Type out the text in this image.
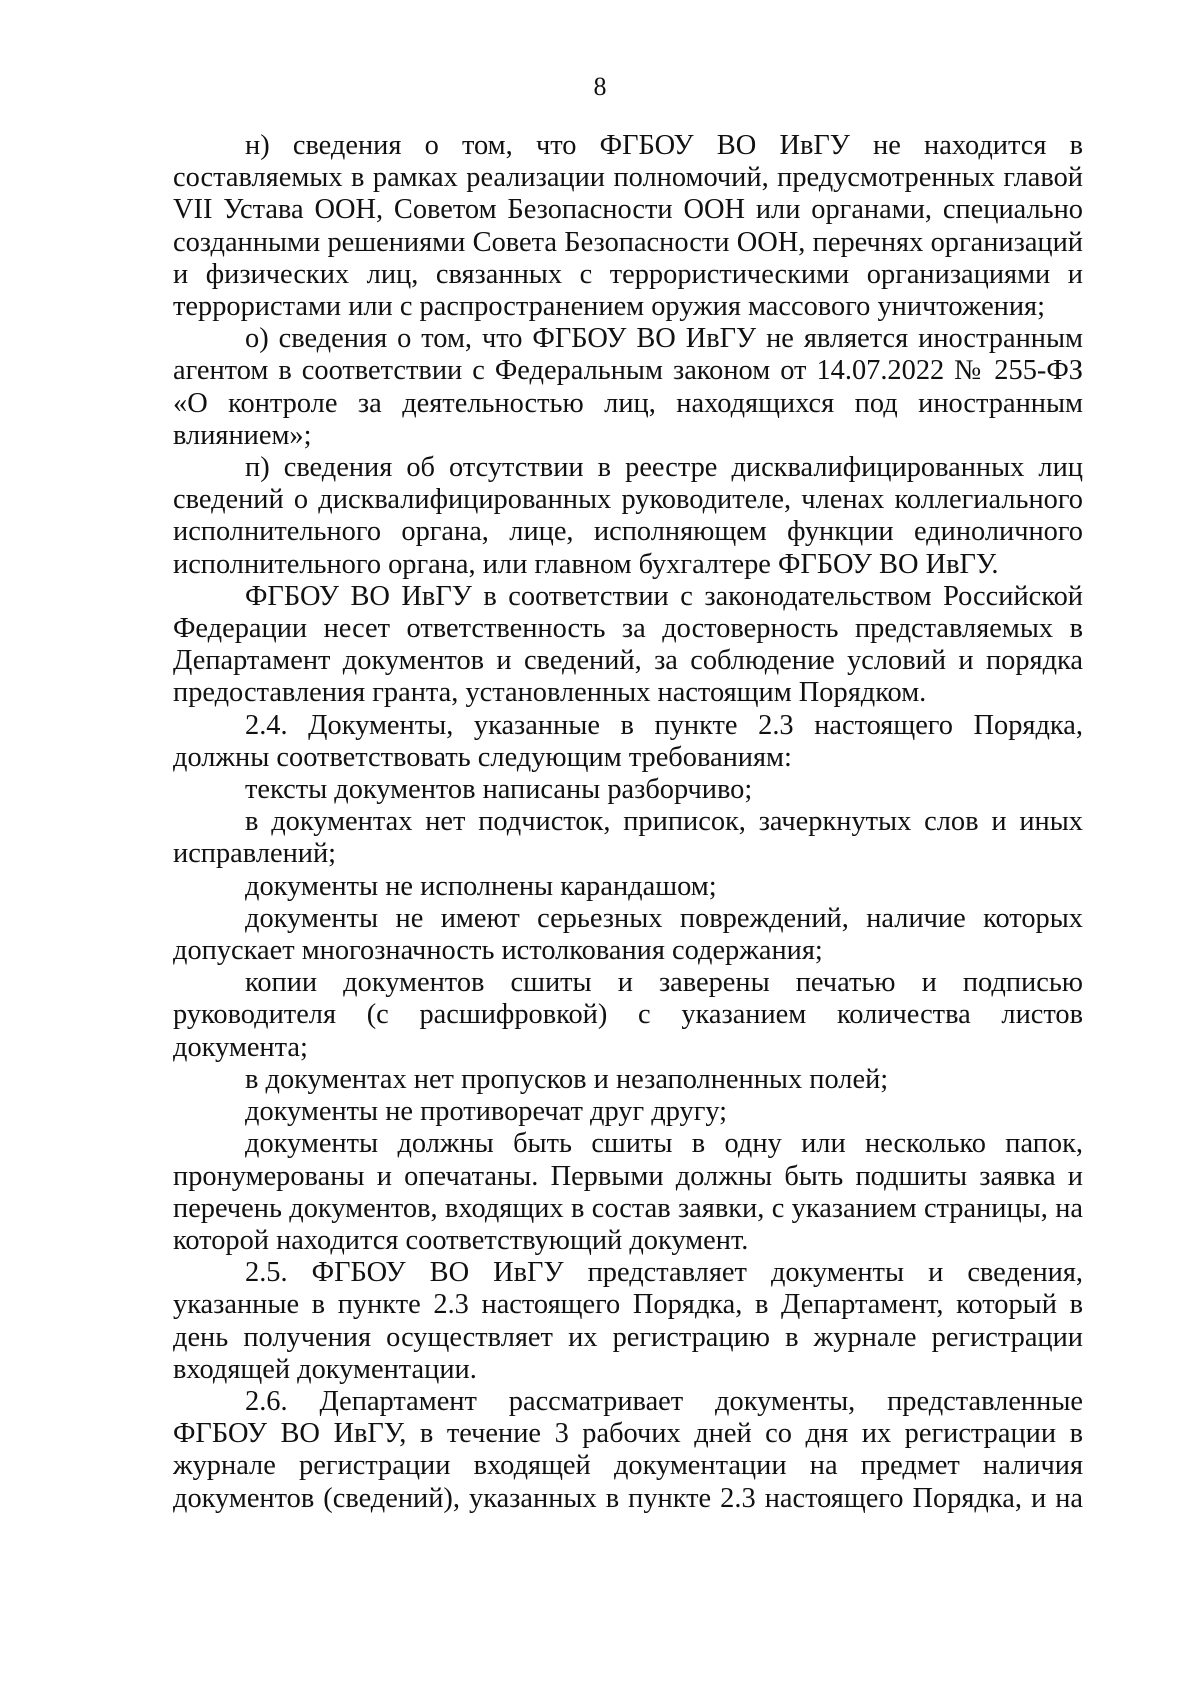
8

н) сведения о том, что ФГБОУ ВО ИвГУ не находится в составляемых в рамках реализации полномочий, предусмотренных главой VII Устава ООН, Советом Безопасности ООН или органами, специально созданными решениями Совета Безопасности ООН, перечнях организаций и физических лиц, связанных с террористическими организациями и террористами или с распространением оружия массового уничтожения;

о) сведения о том, что ФГБОУ ВО ИвГУ не является иностранным агентом в соответствии с Федеральным законом от 14.07.2022 № 255-ФЗ «О контроле за деятельностью лиц, находящихся под иностранным влиянием»;

п) сведения об отсутствии в реестре дисквалифицированных лиц сведений о дисквалифицированных руководителе, членах коллегиального исполнительного органа, лице, исполняющем функции единоличного исполнительного органа, или главном бухгалтере ФГБОУ ВО ИвГУ.

ФГБОУ ВО ИвГУ в соответствии с законодательством Российской Федерации несет ответственность за достоверность представляемых в Департамент документов и сведений, за соблюдение условий и порядка предоставления гранта, установленных настоящим Порядком.

2.4. Документы, указанные в пункте 2.3 настоящего Порядка, должны соответствовать следующим требованиям:

тексты документов написаны разборчиво;

в документах нет подчисток, приписок, зачеркнутых слов и иных исправлений;

документы не исполнены карандашом;

документы не имеют серьезных повреждений, наличие которых допускает многозначность истолкования содержания;

копии документов сшиты и заверены печатью и подписью руководителя (с расшифровкой) с указанием количества листов документа;

в документах нет пропусков и незаполненных полей;

документы не противоречат друг другу;

документы должны быть сшиты в одну или несколько папок, пронумерованы и опечатаны. Первыми должны быть подшиты заявка и перечень документов, входящих в состав заявки, с указанием страницы, на которой находится соответствующий документ.

2.5. ФГБОУ ВО ИвГУ представляет документы и сведения, указанные в пункте 2.3 настоящего Порядка, в Департамент, который в день получения осуществляет их регистрацию в журнале регистрации входящей документации.

2.6. Департамент рассматривает документы, представленные ФГБОУ ВО ИвГУ, в течение 3 рабочих дней со дня их регистрации в журнале регистрации входящей документации на предмет наличия документов (сведений), указанных в пункте 2.3 настоящего Порядка, и на
